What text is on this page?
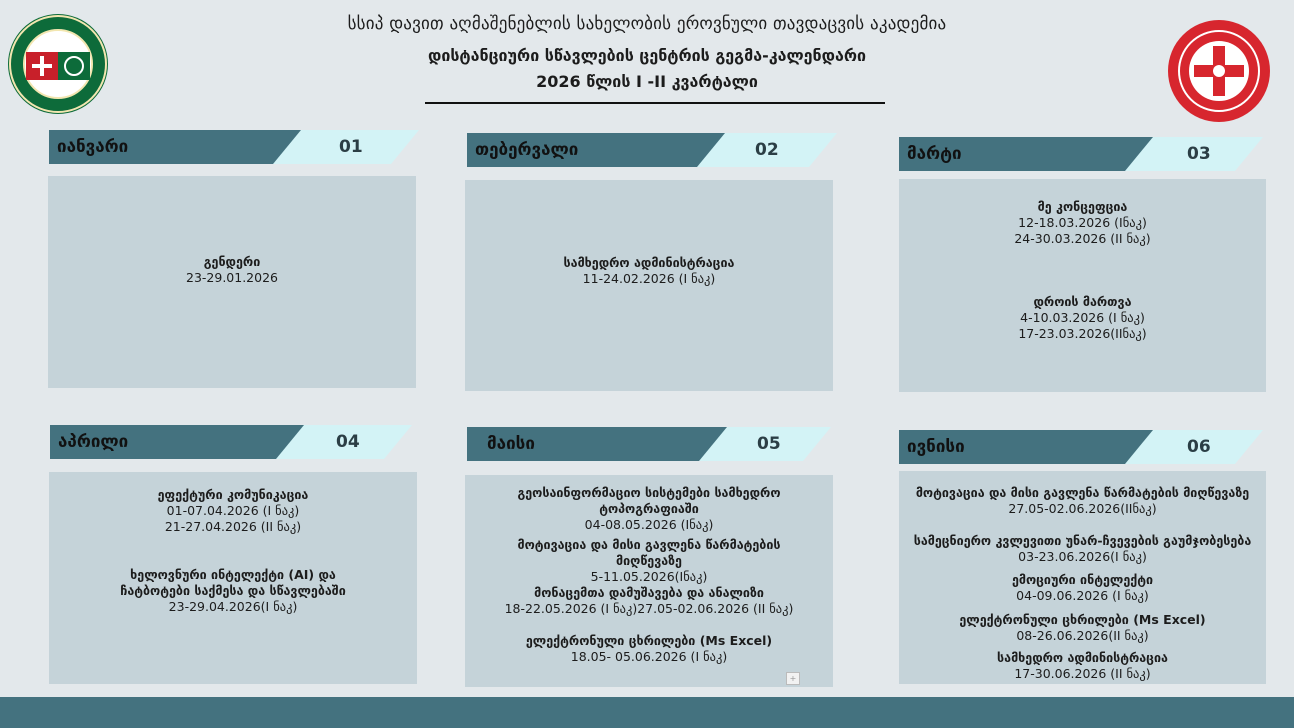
სსიპ დავით აღმაშენებლის სახელობის ეროვნული თავდაცვის აკადემია
დისტანციური სწავლების ცენტრის გეგმა-კალენდარი
2026 წლის I -II კვარტალი
იანვარი	01
გენდერი
23-29.01.2026
თებერვალი	02
სამხედრო ადმინისტრაცია
11-24.02.2026 (I ნაკ)
მარტი	03
მე კონცეფცია
12-18.03.2026 (Iნაკ)
24-30.03.2026 (II ნაკ)
დროის მართვა
4-10.03.2026 (I ნაკ)
17-23.03.2026(IIნაკ)
აპრილი	04
ეფექტური კომუნიკაცია
01-07.04.2026 (I ნაკ)
21-27.04.2026 (II ნაკ)
ხელოვნური ინტელექტი (AI) და ჩატბოტები საქმესა და სწავლებაში
23-29.04.2026(I ნაკ)
მაისი	05
გეოსაინფორმაციო სისტემები სამხედრო ტოპოგრაფიაში
04-08.05.2026 (Iნაკ)
მოტივაცია და მისი გავლენა წარმატების მიღწევაზე
5-11.05.2026(Iნაკ)
მონაცემთა დამუშავება და ანალიზი
18-22.05.2026 (I ნაკ)27.05-02.06.2026 (II ნაკ)
ელექტრონული ცხრილები (Ms Excel)
18.05- 05.06.2026 (I ნაკ)
+
ივნისი	06
მოტივაცია და მისი გავლენა წარმატების მიღწევაზე
27.05-02.06.2026(IIნაკ)
სამეცნიერო კვლევითი უნარ-ჩვევების გაუმჯობესება
03-23.06.2026(I ნაკ)
ემოციური ინტელექტი
04-09.06.2026 (I ნაკ)
ელექტრონული ცხრილები (Ms Excel)
08-26.06.2026(II ნაკ)
სამხედრო ადმინისტრაცია
17-30.06.2026 (II ნაკ)
